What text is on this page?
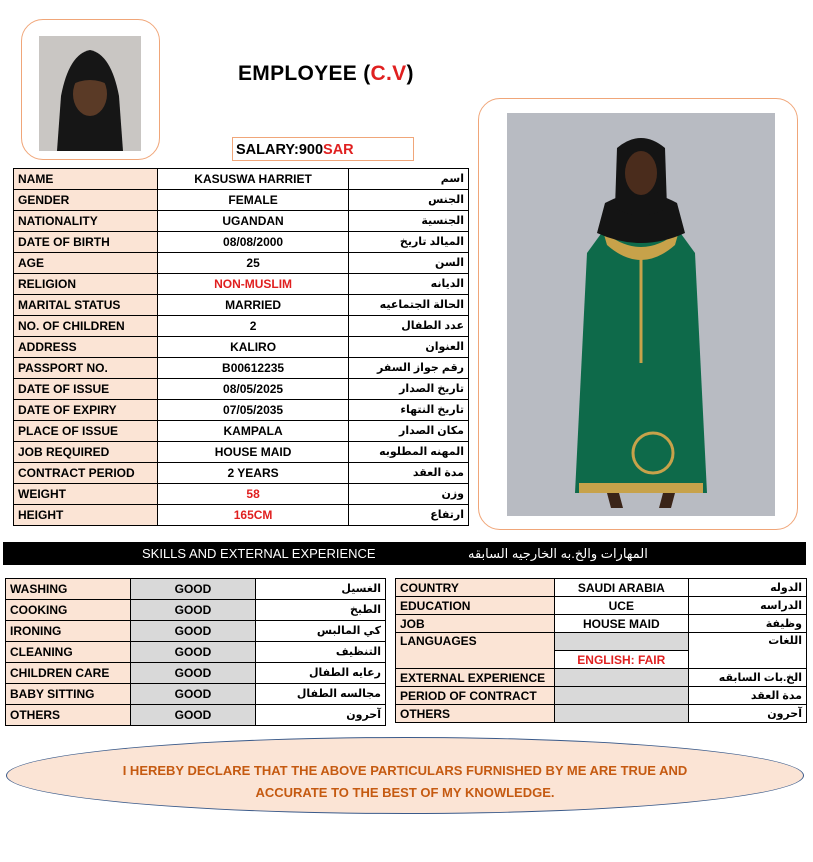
EMPLOYEE (C.V)
SALARY:900SAR
NAME	KASUSWA HARRIET	اسم
GENDER	FEMALE	الجنس
NATIONALITY	UGANDAN	الجنسية
DATE OF BIRTH	08/08/2000	الميالد تاريخ
AGE	25	السن
RELIGION	NON-MUSLIM	الديانه
MARITAL STATUS	MARRIED	الحالة الجتماعيه
NO. OF CHILDREN	2	عدد الطفال
ADDRESS	KALIRO	العنوان
PASSPORT NO.	B00612235	رقم جواز السفر
DATE OF ISSUE	08/05/2025	تاريخ الصدار
DATE OF EXPIRY	07/05/2035	تاريخ النتهاء
PLACE OF ISSUE	KAMPALA	مكان الصدار
JOB REQUIRED	HOUSE MAID	المهنه المطلوبه
CONTRACT PERIOD	2 YEARS	مدة العقد
WEIGHT	58	وزن
HEIGHT	165CM	ارتفاع
SKILLS AND EXTERNAL EXPERIENCE	المهارات والخ.به الخارجيه السابقه
WASHING	GOOD	الغسيل
COOKING	GOOD	الطبخ
IRONING	GOOD	كي المالبس
CLEANING	GOOD	التنظيف
CHILDREN CARE	GOOD	رعايه الطفال
BABY SITTING	GOOD	مجالسه الطفال
OTHERS	GOOD	آحرون
COUNTRY	SAUDI ARABIA	الدوله
EDUCATION	UCE	الدراسه
JOB	HOUSE MAID	وظيفة
LANGUAGES		اللغات
	ENGLISH: FAIR	
EXTERNAL EXPERIENCE		الخ.بات السابقه
PERIOD OF CONTRACT		مدة العقد
OTHERS		آحرون
I HEREBY DECLARE THAT THE ABOVE PARTICULARS FURNISHED BY ME ARE TRUE AND
ACCURATE TO THE BEST OF MY KNOWLEDGE.
